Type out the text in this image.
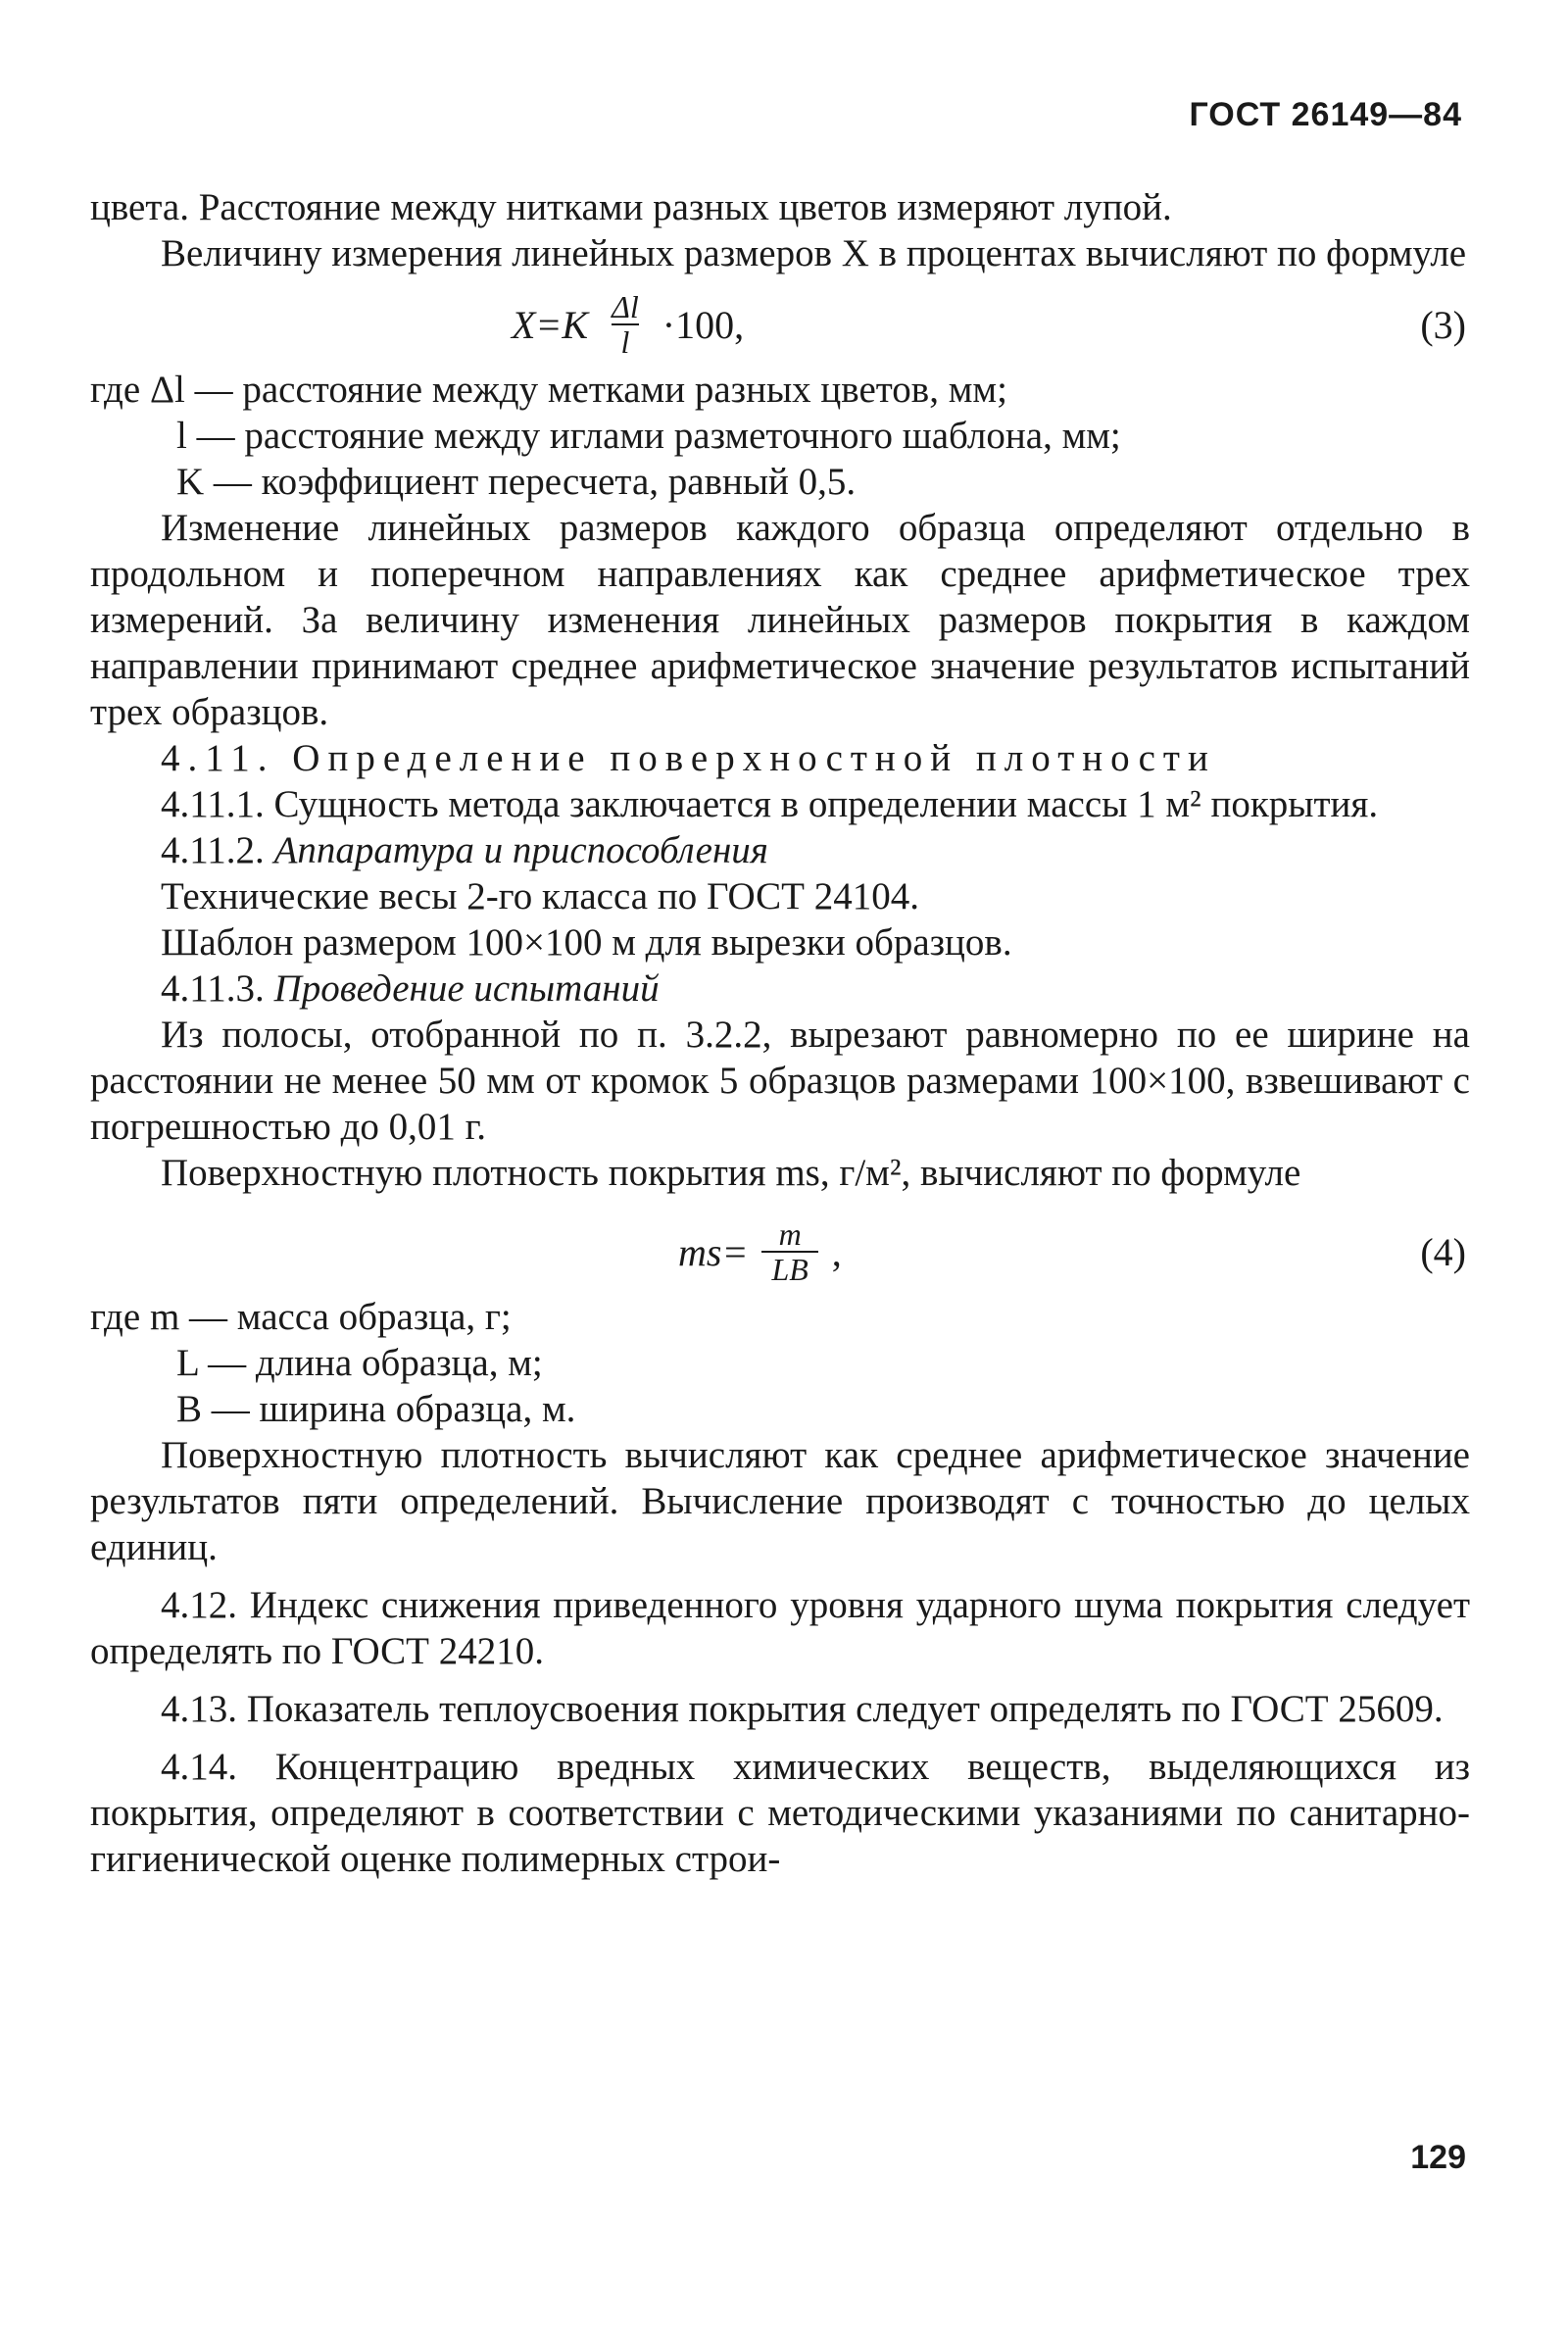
ГОСТ 26149—84

цвета. Расстояние между нитками разных цветов измеряют лупой.

Величину измерения линейных размеров X в процентах вычисляют по формуле

$X=K \frac{\Delta l}{l} \cdot 100$,	(3)
где Δl — расстояние между метками разных цветов, мм;
l — расстояние между иглами разметочного шаблона, мм;
K — коэффициент пересчета, равный 0,5.

Изменение линейных размеров каждого образца определяют отдельно в продольном и поперечном направлениях как среднее арифметическое трех измерений. За величину изменения линейных размеров покрытия в каждом направлении принимают среднее арифметическое значение результатов испытаний трех образцов.

4.11. Определение поверхностной плотности

4.11.1. Сущность метода заключается в определении массы 1 м² покрытия.

4.11.2. Аппаратура и приспособления

Технические весы 2-го класса по ГОСТ 24104.

Шаблон размером 100×100 м для вырезки образцов.

4.11.3. Проведение испытаний

Из полосы, отобранной по п. 3.2.2, вырезают равномерно по ее ширине на расстоянии не менее 50 мм от кромок 5 образцов размерами 100×100, взвешивают с погрешностью до 0,01 г.

Поверхностную плотность покрытия ms, г/м², вычисляют по формуле

$ms= \frac{m}{LB}$ ,	(4)
где m — масса образца, г;
L — длина образца, м;
B — ширина образца, м.

Поверхностную плотность вычисляют как среднее арифметическое значение результатов пяти определений. Вычисление производят с точностью до целых единиц.

4.12. Индекс снижения приведенного уровня ударного шума покрытия следует определять по ГОСТ 24210.

4.13. Показатель теплоусвоения покрытия следует определять по ГОСТ 25609.

4.14. Концентрацию вредных химических веществ, выделяющихся из покрытия, определяют в соответствии с методическими указаниями по санитарно-гигиенической оценке полимерных строи-

129
